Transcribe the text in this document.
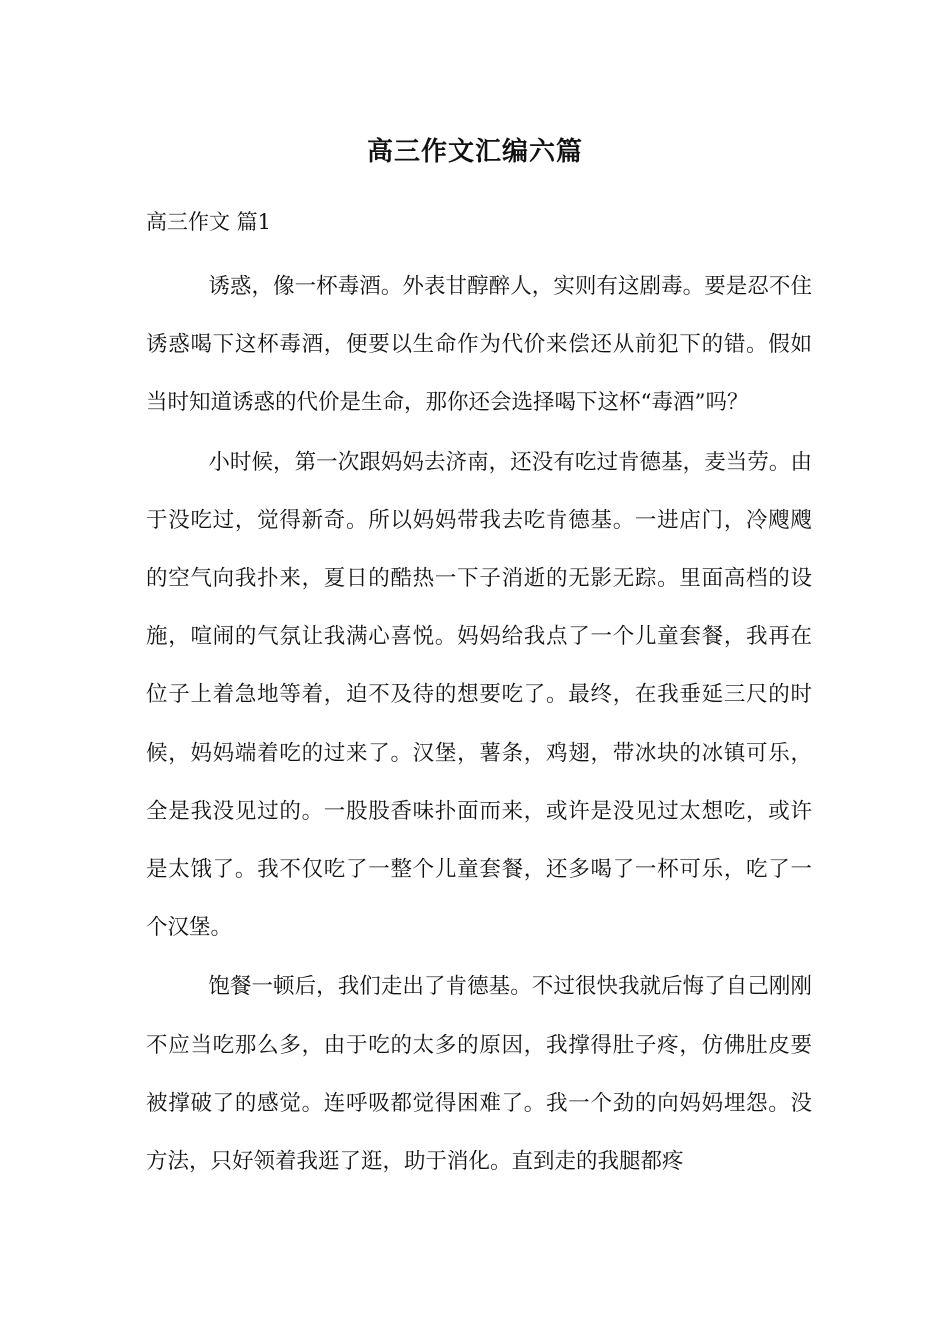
高三作文汇编六篇
高三作文 篇1

诱惑，像一杯毒酒。外表甘醇醉人，实则有这剧毒。要是忍不住诱惑喝下这杯毒酒，便要以生命作为代价来偿还从前犯下的错。假如当时知道诱惑的代价是生命，那你还会选择喝下这杯“毒酒”吗？

小时候，第一次跟妈妈去济南，还没有吃过肯德基，麦当劳。由于没吃过，觉得新奇。所以妈妈带我去吃肯德基。一进店门，冷飕飕的空气向我扑来，夏日的酷热一下子消逝的无影无踪。里面高档的设施，喧闹的气氛让我满心喜悦。妈妈给我点了一个儿童套餐，我再在位子上着急地等着，迫不及待的想要吃了。最终，在我垂延三尺的时候，妈妈端着吃的过来了。汉堡，薯条，鸡翅，带冰块的冰镇可乐，全是我没见过的。一股股香味扑面而来，或许是没见过太想吃，或许是太饿了。我不仅吃了一整个儿童套餐，还多喝了一杯可乐，吃了一个汉堡。

饱餐一顿后，我们走出了肯德基。不过很快我就后悔了自己刚刚不应当吃那么多，由于吃的太多的原因，我撑得肚子疼，仿佛肚皮要被撑破了的感觉。连呼吸都觉得困难了。我一个劲的向妈妈埋怨。没方法，只好领着我逛了逛，助于消化。直到走的我腿都疼
